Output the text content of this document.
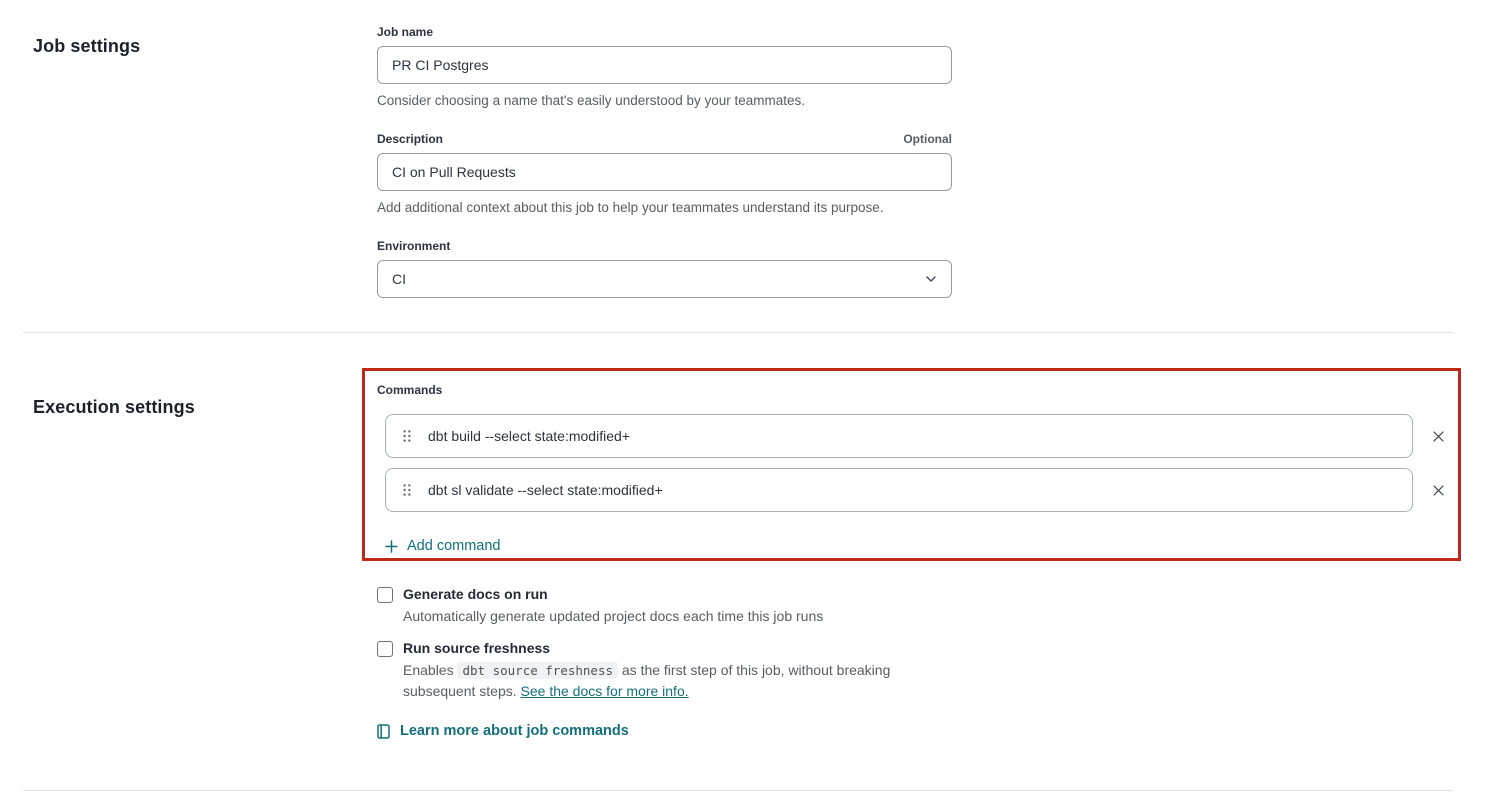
Job settings
Job name
PR CI Postgres
Consider choosing a name that's easily understood by your teammates.
Description	Optional
CI on Pull Requests
Add additional context about this job to help your teammates understand its purpose.
Environment
CI
Execution settings
Commands
dbt build --select state:modified+
dbt sl validate --select state:modified+
Add command
Generate docs on run
Automatically generate updated project docs each time this job runs
Run source freshness
Enables dbt source freshness as the first step of this job, without breaking subsequent steps. See the docs for more info.
Learn more about job commands
